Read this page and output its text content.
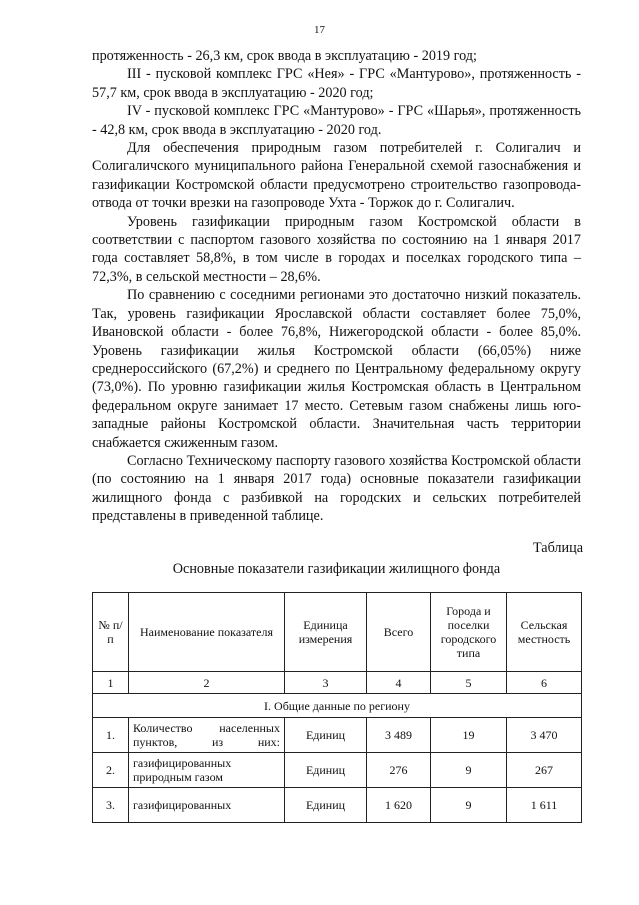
17

протяженность - 26,3 км, срок ввода в эксплуатацию - 2019 год;

III - пусковой комплекс ГРС «Нея» - ГРС «Мантурово», протяженность - 57,7 км, срок ввода в эксплуатацию - 2020 год;

IV - пусковой комплекс ГРС «Мантурово» - ГРС «Шарья», протяженность - 42,8 км, срок ввода в эксплуатацию - 2020 год.

Для обеспечения природным газом потребителей г. Солигалич и Солигаличского муниципального района Генеральной схемой газоснабжения и газификации Костромской области предусмотрено строительство газопровода-отвода от точки врезки на газопроводе Ухта - Торжок до г. Солигалич.

Уровень газификации природным газом Костромской области в соответствии с паспортом газового хозяйства по состоянию на 1 января 2017 года составляет 58,8%, в том числе в городах и поселках городского типа – 72,3%, в сельской местности – 28,6%.

По сравнению с соседними регионами это достаточно низкий показатель. Так, уровень газификации Ярославской области составляет более 75,0%, Ивановской области - более 76,8%, Нижегородской области - более 85,0%. Уровень газификации жилья Костромской области (66,05%) ниже среднероссийского (67,2%) и среднего по Центральному федеральному округу (73,0%). По уровню газификации жилья Костромская область в Центральном федеральном округе занимает 17 место. Сетевым газом снабжены лишь юго-западные районы Костромской области. Значительная часть территории снабжается сжиженным газом.

Согласно Техническому паспорту газового хозяйства Костромской области (по состоянию на 1 января 2017 года) основные показатели газификации жилищного фонда с разбивкой на городских и сельских потребителей представлены в приведенной таблице.

Таблица
Основные показатели газификации жилищного фонда
№ п/п	Наименование показателя	Единица измерения	Всего	Города и поселки городского типа	Сельская местность
1	2	3	4	5	6
I. Общие данные по региону					
1.	Количество населенных пунктов, из них:	Единиц	3 489	19	3 470
2.	газифицированных природным газом	Единиц	276	9	267
3.	газифицированных	Единиц	1 620	9	1 611
